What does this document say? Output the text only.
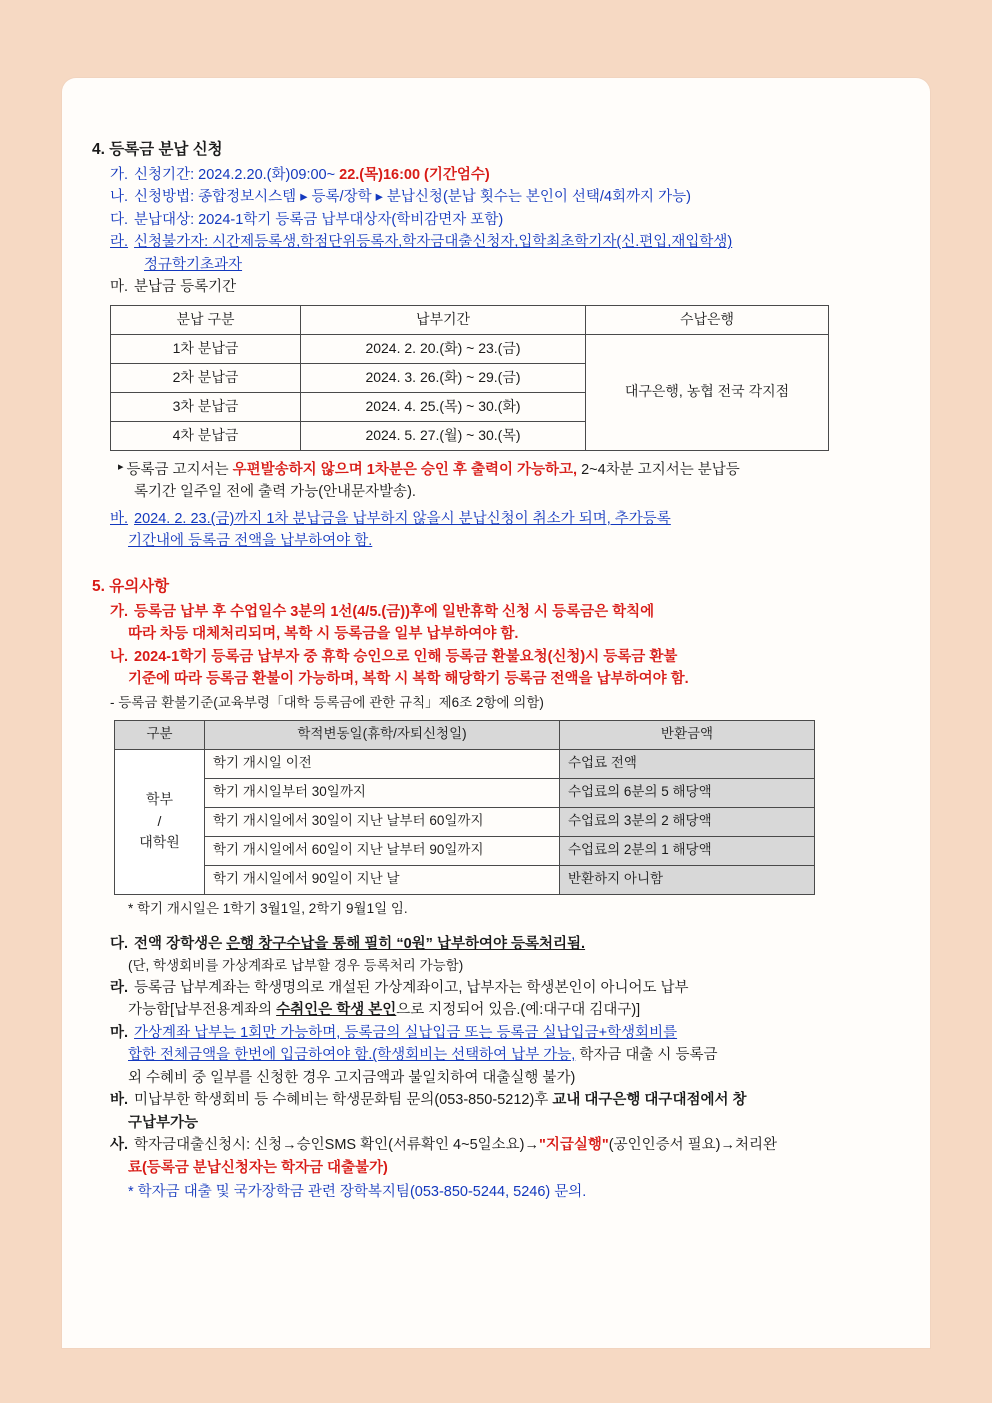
4. 등록금 분납 신청
가. 신청기간: 2024.2.20.(화)09:00~ 22.(목)16:00 (기간엄수)
나. 신청방법: 종합정보시스템 ▸ 등록/장학 ▸ 분납신청(분납 횟수는 본인이 선택/4회까지 가능)
다. 분납대상: 2024-1학기 등록금 납부대상자(학비감면자 포함)
라. 신청불가자: 시간제등록생,학점단위등록자,학자금대출신청자,입학최초학기자(신.편입,재입학생)
정규학기초과자
마. 분납금 등록기간
분납 구분	납부기간	수납은행
1차 분납금	2024. 2. 20.(화) ~ 23.(금)	대구은행, 농협 전국 각지점
2차 분납금	2024. 3. 26.(화) ~ 29.(금)	
3차 분납금	2024. 4. 25.(목) ~ 30.(화)	
4차 분납금	2024. 5. 27.(월) ~ 30.(목)	
▸ 등록금 고지서는 우편발송하지 않으며 1차분은 승인 후 출력이 가능하고, 2~4차분 고지서는 분납등
록기간 일주일 전에 출력 가능(안내문자발송).
바. 2024. 2. 23.(금)까지 1차 분납금을 납부하지 않을시 분납신청이 취소가 되며, 추가등록
기간내에 등록금 전액을 납부하여야 함.
5. 유의사항
가. 등록금 납부 후 수업일수 3분의 1선(4/5.(금))후에 일반휴학 신청 시 등록금은 학칙에
따라 차등 대체처리되며, 복학 시 등록금을 일부 납부하여야 함.
나. 2024-1학기 등록금 납부자 중 휴학 승인으로 인해 등록금 환불요청(신청)시 등록금 환불
기준에 따라 등록금 환불이 가능하며, 복학 시 복학 해당학기 등록금 전액을 납부하여야 함.
- 등록금 환불기준(교육부령「대학 등록금에 관한 규칙」제6조 2항에 의함)
구분	학적변동일(휴학/자퇴신청일)	반환금액

학부
/
대학원	학기 개시일 이전	수업료 전액
	학기 개시일부터 30일까지	수업료의 6분의 5 해당액
	학기 개시일에서 30일이 지난 날부터 60일까지	수업료의 3분의 2 해당액
	학기 개시일에서 60일이 지난 날부터 90일까지	수업료의 2분의 1 해당액
	학기 개시일에서 90일이 지난 날	반환하지 아니함
* 학기 개시일은 1학기 3월1일, 2학기 9월1일 임.
다. 전액 장학생은 은행 창구수납을 통해 필히 “0원” 납부하여야 등록처리됨.
(단, 학생회비를 가상계좌로 납부할 경우 등록처리 가능함)
라. 등록금 납부계좌는 학생명의로 개설된 가상계좌이고, 납부자는 학생본인이 아니어도 납부
가능함[납부전용계좌의 수취인은 학생 본인으로 지정되어 있음.(예:대구대 김대구)]
마. 가상계좌 납부는 1회만 가능하며, 등록금의 실납입금 또는 등록금 실납입금+학생회비를
합한 전체금액을 한번에 입금하여야 함.(학생회비는 선택하여 납부 가능, 학자금 대출 시 등록금
외 수혜비 중 일부를 신청한 경우 고지금액과 불일치하여 대출실행 불가)
바. 미납부한 학생회비 등 수혜비는 학생문화팀 문의(053-850-5212)후 교내 대구은행 대구대점에서 창
구납부가능
사. 학자금대출신청시: 신청→승인SMS 확인(서류확인 4~5일소요)→"지급실행"(공인인증서 필요)→처리완
료(등록금 분납신청자는 학자금 대출불가)
* 학자금 대출 및 국가장학금 관련 장학복지팀(053-850-5244, 5246) 문의.
